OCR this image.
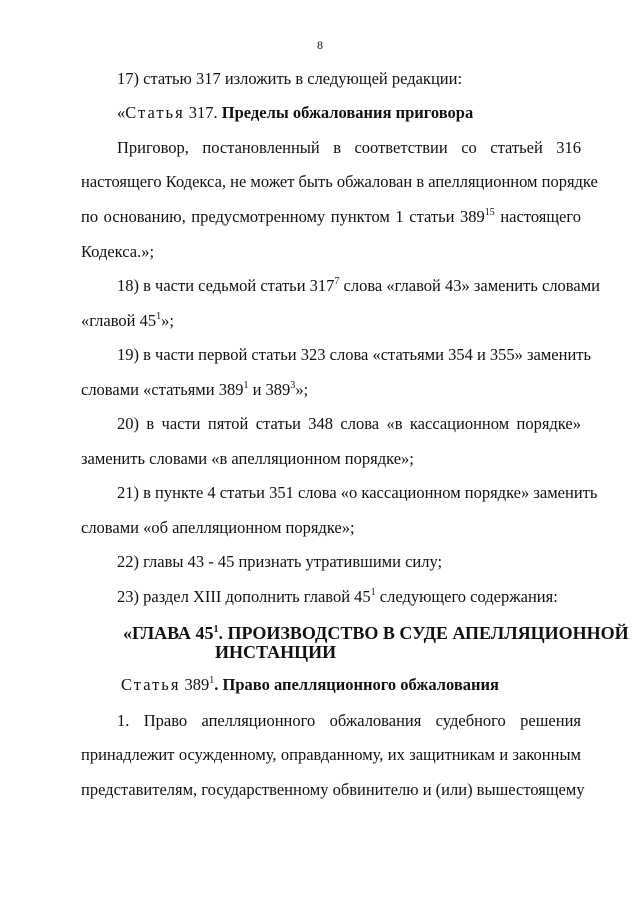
8
17) статью 317 изложить в следующей редакции:
«Статья 317. Пределы обжалования приговора
Приговор, постановленный в соответствии со статьей 316
настоящего Кодекса, не может быть обжалован в апелляционном порядке
по основанию, предусмотренному пунктом 1 статьи $389^{15}$ настоящего
Кодекса.»;
18) в части седьмой статьи $317^7$ слова «главой 43» заменить словами
«главой $45^1$»;
19) в части первой статьи 323 слова «статьями 354 и 355» заменить
словами «статьями $389^1$ и $389^3$»;
20) в части пятой статьи 348 слова «в кассационном порядке»
заменить словами «в апелляционном порядке»;
21) в пункте 4 статьи 351 слова «о кассационном порядке» заменить
словами «об апелляционном порядке»;
22) главы 43 - 45 признать утратившими силу;
23) раздел XIII дополнить главой $45^1$ следующего содержания:
«ГЛАВА $45^1$. ПРОИЗВОДСТВО В СУДЕ АПЕЛЛЯЦИОННОЙ
ИНСТАНЦИИ
Статья $389^1$. Право апелляционного обжалования
1. Право апелляционного обжалования судебного решения
принадлежит осужденному, оправданному, их защитникам и законным
представителям, государственному обвинителю и (или) вышестоящему
